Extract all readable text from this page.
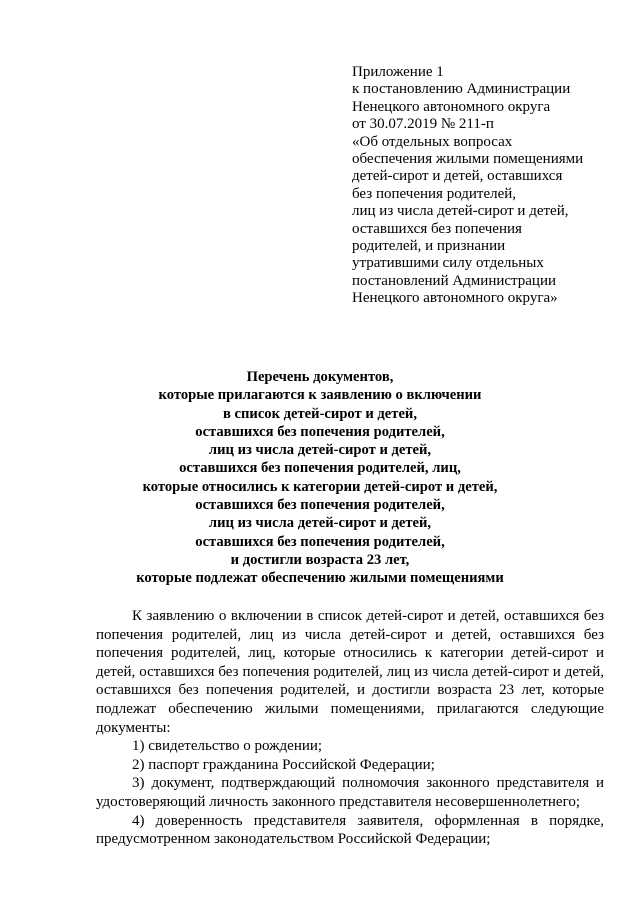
Приложение 1
к постановлению Администрации
Ненецкого автономного округа
от 30.07.2019 № 211-п
«Об отдельных вопросах
обеспечения жилыми помещениями
детей-сирот и детей, оставшихся
без попечения родителей,
лиц из числа детей-сирот и детей,
оставшихся без попечения
родителей, и признании
утратившими силу отдельных
постановлений Администрации
Ненецкого автономного округа»
Перечень документов,
которые прилагаются к заявлению о включении
в список детей-сирот и детей,
оставшихся без попечения родителей,
лиц из числа детей-сирот и детей,
оставшихся без попечения родителей, лиц,
которые относились к категории детей-сирот и детей,
оставшихся без попечения родителей,
лиц из числа детей-сирот и детей,
оставшихся без попечения родителей,
и достигли возраста 23 лет,
которые подлежат обеспечению жилыми помещениями

К заявлению о включении в список детей-сирот и детей, оставшихся без попечения родителей, лиц из числа детей-сирот и детей, оставшихся без попечения родителей, лиц, которые относились к категории детей-сирот и детей, оставшихся без попечения родителей, лиц из числа детей-сирот и детей, оставшихся без попечения родителей, и достигли возраста 23 лет, которые подлежат обеспечению жилыми помещениями, прилагаются следующие документы:

1) свидетельство о рождении;

2) паспорт гражданина Российской Федерации;

3) документ, подтверждающий полномочия законного представителя и удостоверяющий личность законного представителя несовершеннолетнего;

4) доверенность представителя заявителя, оформленная в порядке, предусмотренном законодательством Российской Федерации;
